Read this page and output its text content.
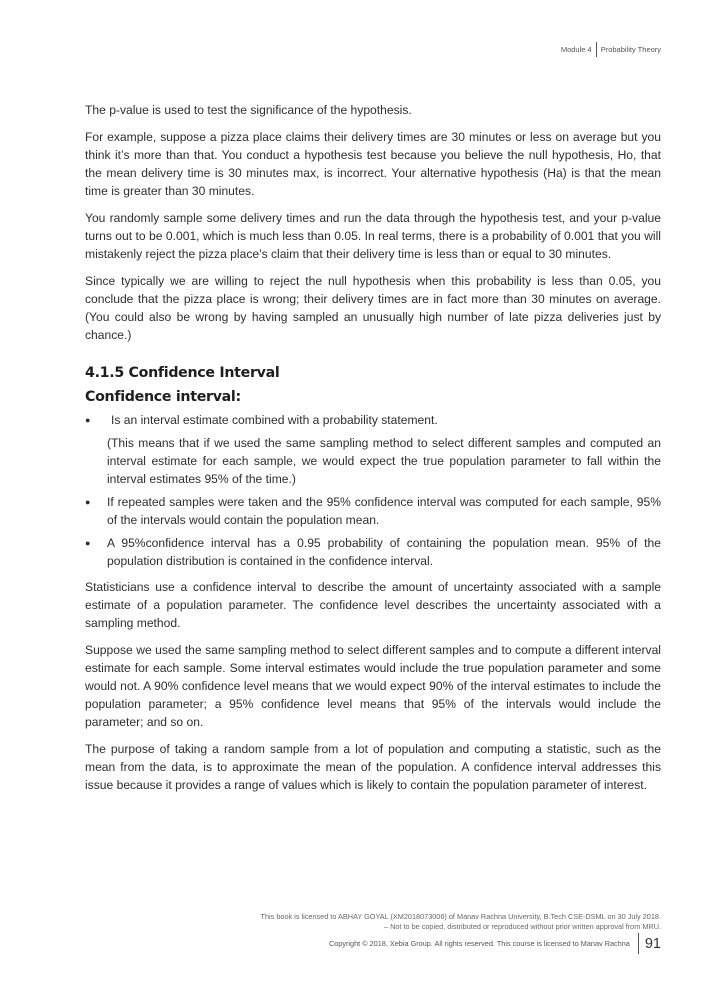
Module 4 Probability Theory

The p-value is used to test the significance of the hypothesis.

For example, suppose a pizza place claims their delivery times are 30 minutes or less on average but you think it’s more than that. You conduct a hypothesis test because you believe the null hypothesis, Ho, that the mean delivery time is 30 minutes max, is incorrect. Your alternative hypothesis (Ha) is that the mean time is greater than 30 minutes.

You randomly sample some delivery times and run the data through the hypothesis test, and your p-value turns out to be 0.001, which is much less than 0.05. In real terms, there is a probability of 0.001 that you will mistakenly reject the pizza place’s claim that their delivery time is less than or equal to 30 minutes.

Since typically we are willing to reject the null hypothesis when this probability is less than 0.05, you conclude that the pizza place is wrong; their delivery times are in fact more than 30 minutes on average. (You could also be wrong by having sampled an unusually high number of late pizza deliveries just by chance.)

4.1.5 Confidence Interval
Confidence interval:
●	Is an interval estimate combined with a probability statement.

(This means that if we used the same sampling method to select different samples and computed an interval estimate for each sample, we would expect the true population parameter to fall within the interval estimates 95% of the time.)

● If repeated samples were taken and the 95% confidence interval was computed for each sample, 95% of the intervals would contain the population mean.

● A 95%confidence interval has a 0.95 probability of containing the population mean. 95% of the population distribution is contained in the confidence interval.

Statisticians use a confidence interval to describe the amount of uncertainty associated with a sample estimate of a population parameter. The confidence level describes the uncertainty associated with a sampling method.

Suppose we used the same sampling method to select different samples and to compute a different interval estimate for each sample. Some interval estimates would include the true population parameter and some would not. A 90% confidence level means that we would expect 90% of the interval estimates to include the population parameter; a 95% confidence level means that 95% of the intervals would include the parameter; and so on.

The purpose of taking a random sample from a lot of population and computing a statistic, such as the mean from the data, is to approximate the mean of the population. A confidence interval addresses this issue because it provides a range of values which is likely to contain the population parameter of interest.

This book is licensed to ABHAY GOYAL (XM2018073006) of Manav Rachna University, B.Tech CSE-DSML on 30 July 2018.
– Not to be copied, distributed or reproduced without prior written approval from MRU.
Copyright © 2018, Xebia Group. All rights reserved. This course is licensed to Manav Rachna 91
